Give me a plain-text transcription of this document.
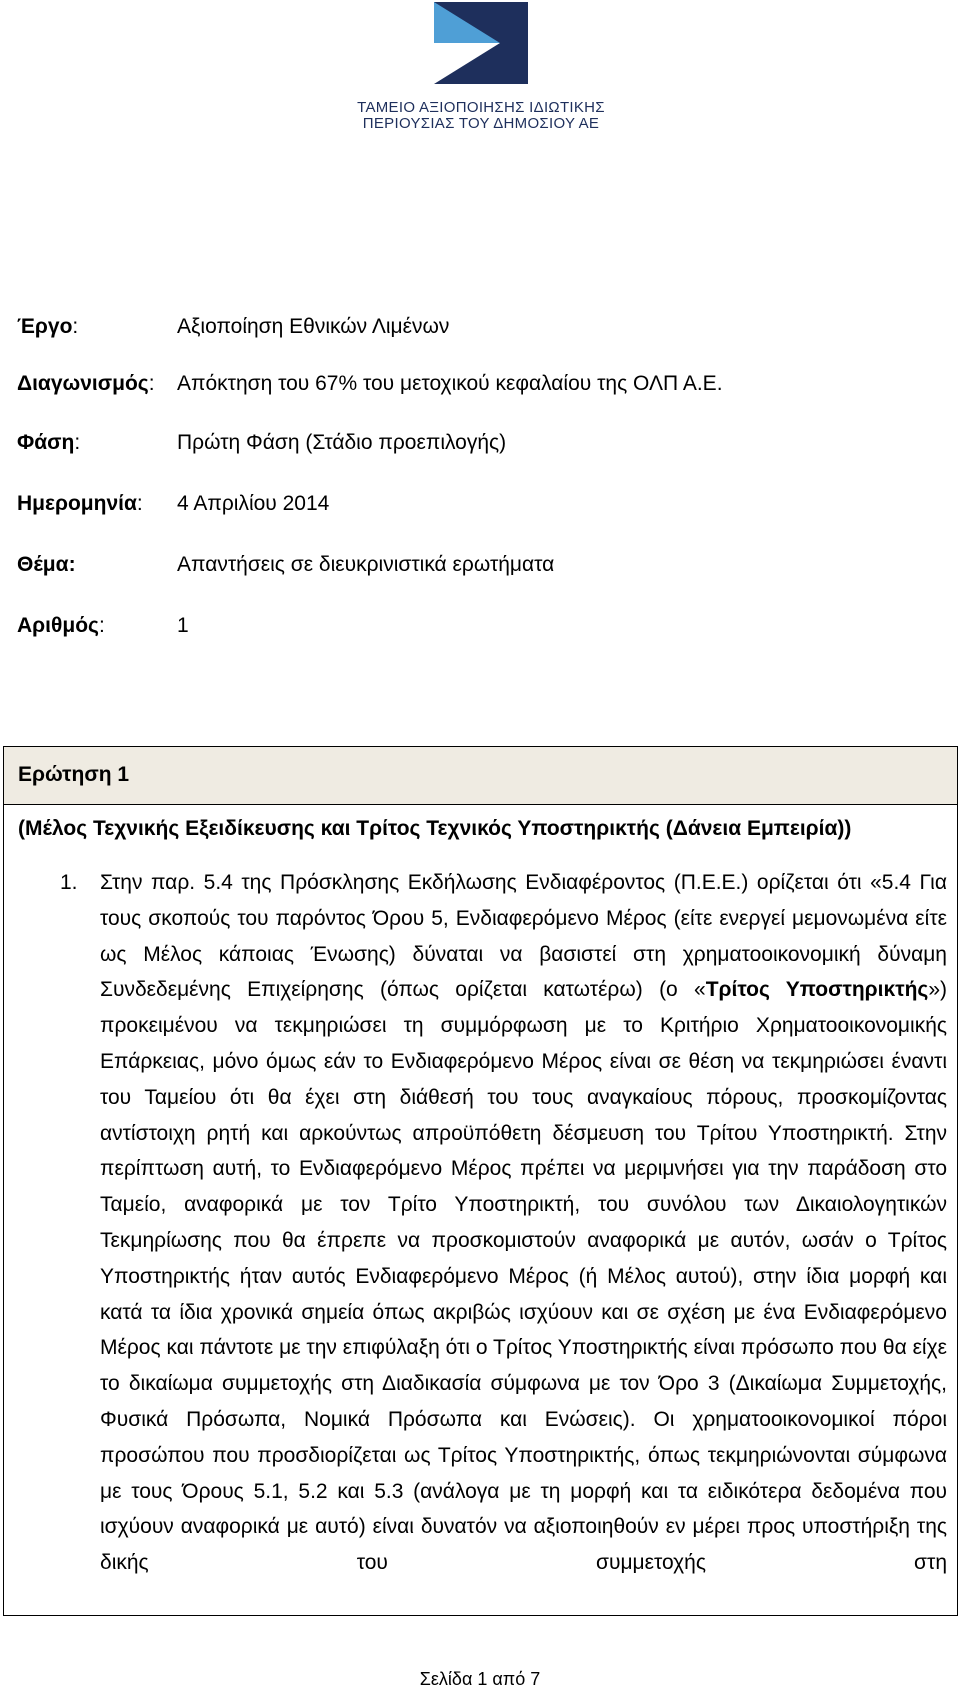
ΤΑΜΕΙΟ ΑΞΙΟΠΟΙΗΣΗΣ ΙΔΙΩΤΙΚΗΣ
ΠΕΡΙΟΥΣΙΑΣ ΤΟΥ ΔΗΜΟΣΙΟΥ ΑΕ
Έργο:	Αξιοποίηση Εθνικών Λιμένων
Διαγωνισμός: Απόκτηση του 67% του μετοχικού κεφαλαίου της ΟΛΠ Α.Ε.
Φάση:	Πρώτη Φάση (Στάδιο προεπιλογής)
Ημερομηνία: 4 Απριλίου 2014
Θέμα:	Απαντήσεις σε διευκρινιστικά ερωτήματα
Αριθμός:	1
Ερώτηση 1
(Μέλος Τεχνικής Εξειδίκευσης και Τρίτος Τεχνικός Υποστηρικτής (Δάνεια Εμπειρία))
1. Στην παρ. 5.4 της Πρόσκλησης Εκδήλωσης Ενδιαφέροντος (Π.Ε.Ε.) ορίζεται ότι «5.4 Για τους σκοπούς του παρόντος Όρου 5, Ενδιαφερόμενο Μέρος (είτε ενεργεί μεμονωμένα είτε ως Μέλος κάποιας Ένωσης) δύναται να βασιστεί στη χρηματοοικονομική δύναμη Συνδεδεμένης Επιχείρησης (όπως ορίζεται κατωτέρω) (ο «Τρίτος Υποστηρικτής») προκειμένου να τεκμηριώσει τη συμμόρφωση με το Κριτήριο Χρηματοοικονομικής Επάρκειας, μόνο όμως εάν το Ενδιαφερόμενο Μέρος είναι σε θέση να τεκμηριώσει έναντι του Ταμείου ότι θα έχει στη διάθεσή του τους αναγκαίους πόρους, προσκομίζοντας αντίστοιχη ρητή και αρκούντως απροϋπόθετη δέσμευση του Τρίτου Υποστηρικτή. Στην περίπτωση αυτή, το Ενδιαφερόμενο Μέρος πρέπει να μεριμνήσει για την παράδοση στο Ταμείο, αναφορικά με τον Τρίτο Υποστηρικτή, του συνόλου των Δικαιολογητικών Τεκμηρίωσης που θα έπρεπε να προσκομιστούν αναφορικά με αυτόν, ωσάν ο Τρίτος Υποστηρικτής ήταν αυτός Ενδιαφερόμενο Μέρος (ή Μέλος αυτού), στην ίδια μορφή και κατά τα ίδια χρονικά σημεία όπως ακριβώς ισχύουν και σε σχέση με ένα Ενδιαφερόμενο Μέρος και πάντοτε με την επιφύλαξη ότι ο Τρίτος Υποστηρικτής είναι πρόσωπο που θα είχε το δικαίωμα συμμετοχής στη Διαδικασία σύμφωνα με τον Όρο 3 (Δικαίωμα Συμμετοχής, Φυσικά Πρόσωπα, Νομικά Πρόσωπα και Ενώσεις). Οι χρηματοοικονομικοί πόροι προσώπου που προσδιορίζεται ως Τρίτος Υποστηρικτής, όπως τεκμηριώνονται σύμφωνα με τους Όρους 5.1, 5.2 και 5.3 (ανάλογα με τη μορφή και τα ειδικότερα δεδομένα που ισχύουν αναφορικά με αυτό) είναι δυνατόν να αξιοποιηθούν εν μέρει προς υποστήριξη της δικής του συμμετοχής στη
Σελίδα 1 από 7
